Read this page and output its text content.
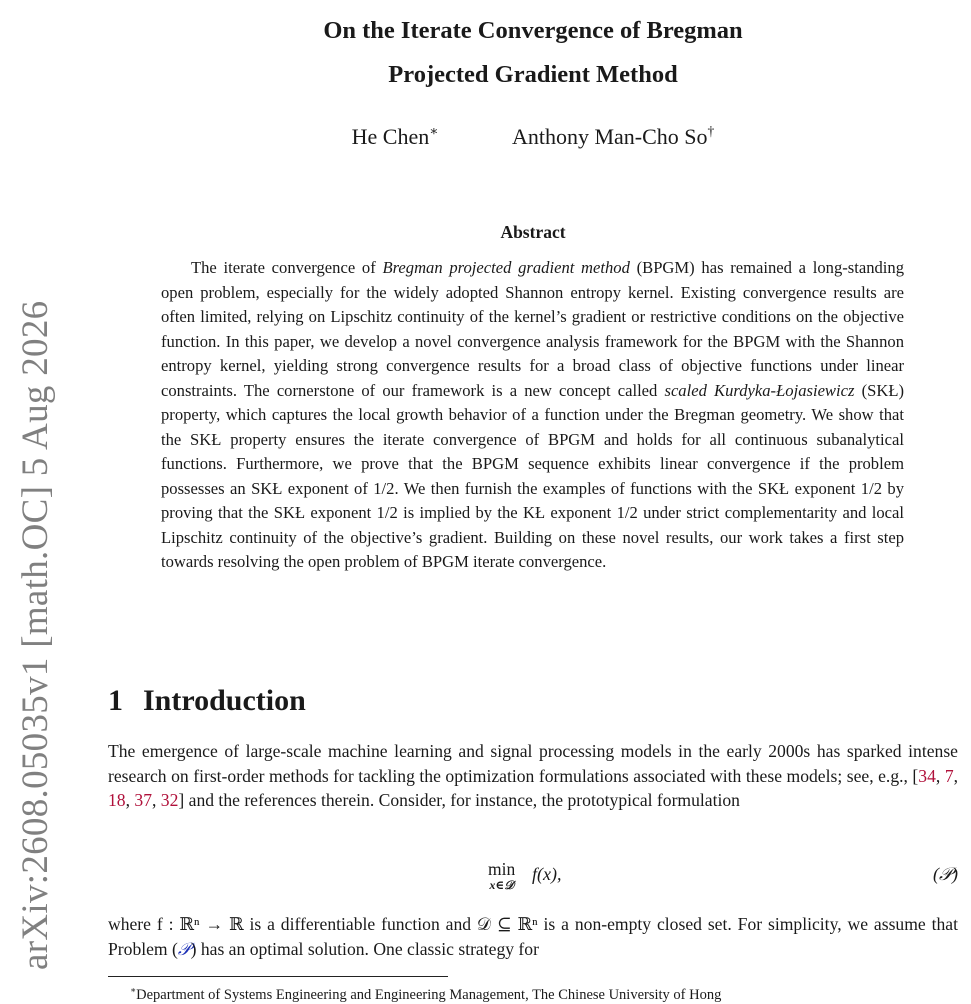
arXiv:2608.05035v1 [math.OC] 5 Aug 2026
On the Iterate Convergence of Bregman
Projected Gradient Method
He Chen∗	Anthony Man-Cho So†
Abstract

The iterate convergence of Bregman projected gradient method (BPGM) has remained a long-standing open problem, especially for the widely adopted Shannon entropy kernel. Existing convergence results are often limited, relying on Lipschitz continuity of the kernel’s gradient or restrictive conditions on the objective function. In this paper, we develop a novel convergence analysis framework for the BPGM with the Shannon entropy kernel, yielding strong convergence results for a broad class of objective functions under linear constraints. The cornerstone of our framework is a new concept called scaled Kurdyka-Łojasiewicz (SKŁ) property, which captures the local growth behavior of a function under the Bregman geometry. We show that the SKŁ property ensures the iterate convergence of BPGM and holds for all continuous subanalytical functions. Furthermore, we prove that the BPGM sequence exhibits linear convergence if the problem possesses an SKŁ exponent of 1/2. We then furnish the examples of functions with the SKŁ exponent 1/2 by proving that the SKŁ exponent 1/2 is implied by the KŁ exponent 1/2 under strict complementarity and local Lipschitz continuity of the objective’s gradient. Building on these novel results, our work takes a first step towards resolving the open problem of BPGM iterate convergence.

1 Introduction

The emergence of large-scale machine learning and signal processing models in the early 2000s has sparked intense research on first-order methods for tackling the optimization formulations associated with these models; see, e.g., [34, 7, 18, 37, 32] and the references therein. Consider, for instance, the prototypical formulation

min
x∈𝒟
f(x),	(𝒫)

where f : ℝⁿ → ℝ is a differentiable function and 𝒟 ⊆ ℝⁿ is a non-empty closed set. For simplicity, we assume that Problem (𝒫) has an optimal solution. One classic strategy for

∗Department of Systems Engineering and Engineering Management, The Chinese University of Hong
